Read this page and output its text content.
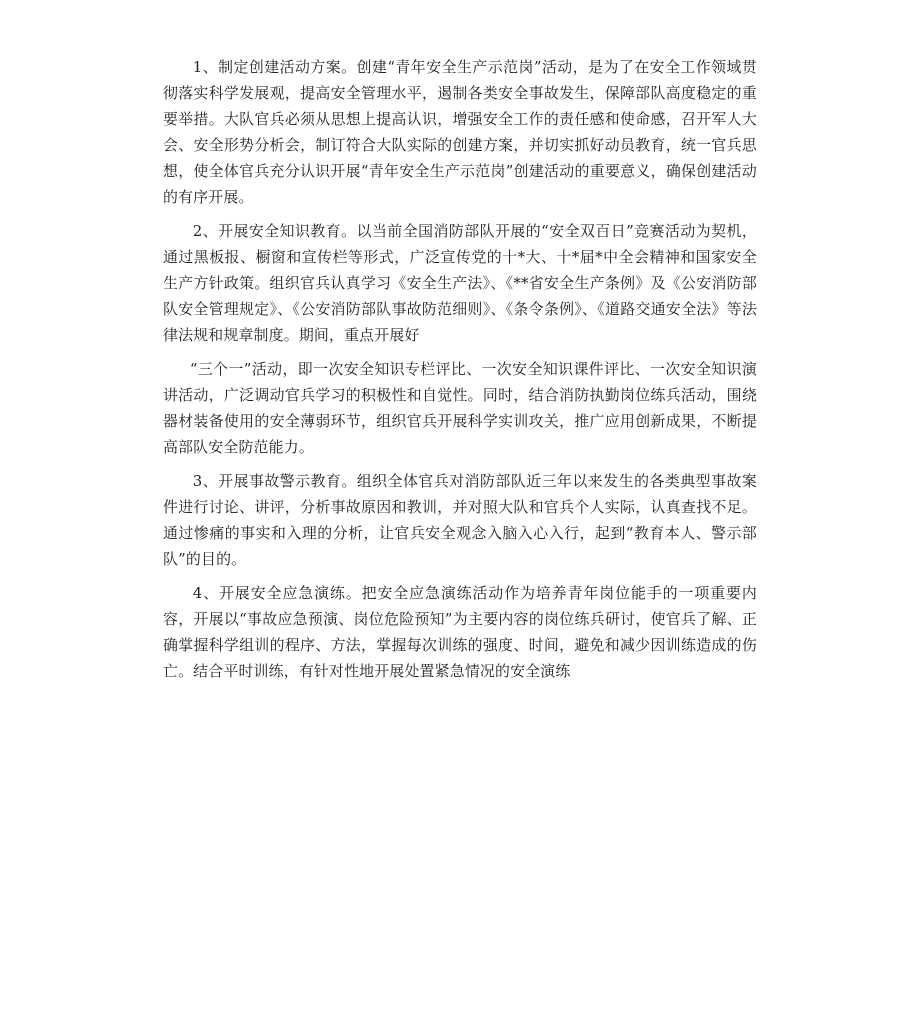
1、制定创建活动方案。创建“青年安全生产示范岗”活动，是为了在安全工作领域贯彻落实科学发展观，提高安全管理水平，遏制各类安全事故发生，保障部队高度稳定的重要举措。大队官兵必须从思想上提高认识，增强安全工作的责任感和使命感，召开军人大会、安全形势分析会，制订符合大队实际的创建方案，并切实抓好动员教育，统一官兵思想，使全体官兵充分认识开展“青年安全生产示范岗”创建活动的重要意义，确保创建活动的有序开展。

2、开展安全知识教育。以当前全国消防部队开展的“安全双百日”竞赛活动为契机，通过黑板报、橱窗和宣传栏等形式，广泛宣传党的十*大、十*届*中全会精神和国家安全生产方针政策。组织官兵认真学习《安全生产法》、《**省安全生产条例》及《公安消防部队安全管理规定》、《公安消防部队事故防范细则》、《条令条例》、《道路交通安全法》等法律法规和规章制度。期间，重点开展好

“三个一”活动，即一次安全知识专栏评比、一次安全知识课件评比、一次安全知识演讲活动，广泛调动官兵学习的积极性和自觉性。同时，结合消防执勤岗位练兵活动，围绕器材装备使用的安全薄弱环节，组织官兵开展科学实训攻关，推广应用创新成果，不断提高部队安全防范能力。

3、开展事故警示教育。组织全体官兵对消防部队近三年以来发生的各类典型事故案件进行讨论、讲评，分析事故原因和教训，并对照大队和官兵个人实际，认真查找不足。通过惨痛的事实和入理的分析，让官兵安全观念入脑入心入行，起到“教育本人、警示部队”的目的。

4、开展安全应急演练。把安全应急演练活动作为培养青年岗位能手的一项重要内容，开展以“事故应急预演、岗位危险预知”为主要内容的岗位练兵研讨，使官兵了解、正确掌握科学组训的程序、方法，掌握每次训练的强度、时间，避免和减少因训练造成的伤亡。结合平时训练，有针对性地开展处置紧急情况的安全演练
